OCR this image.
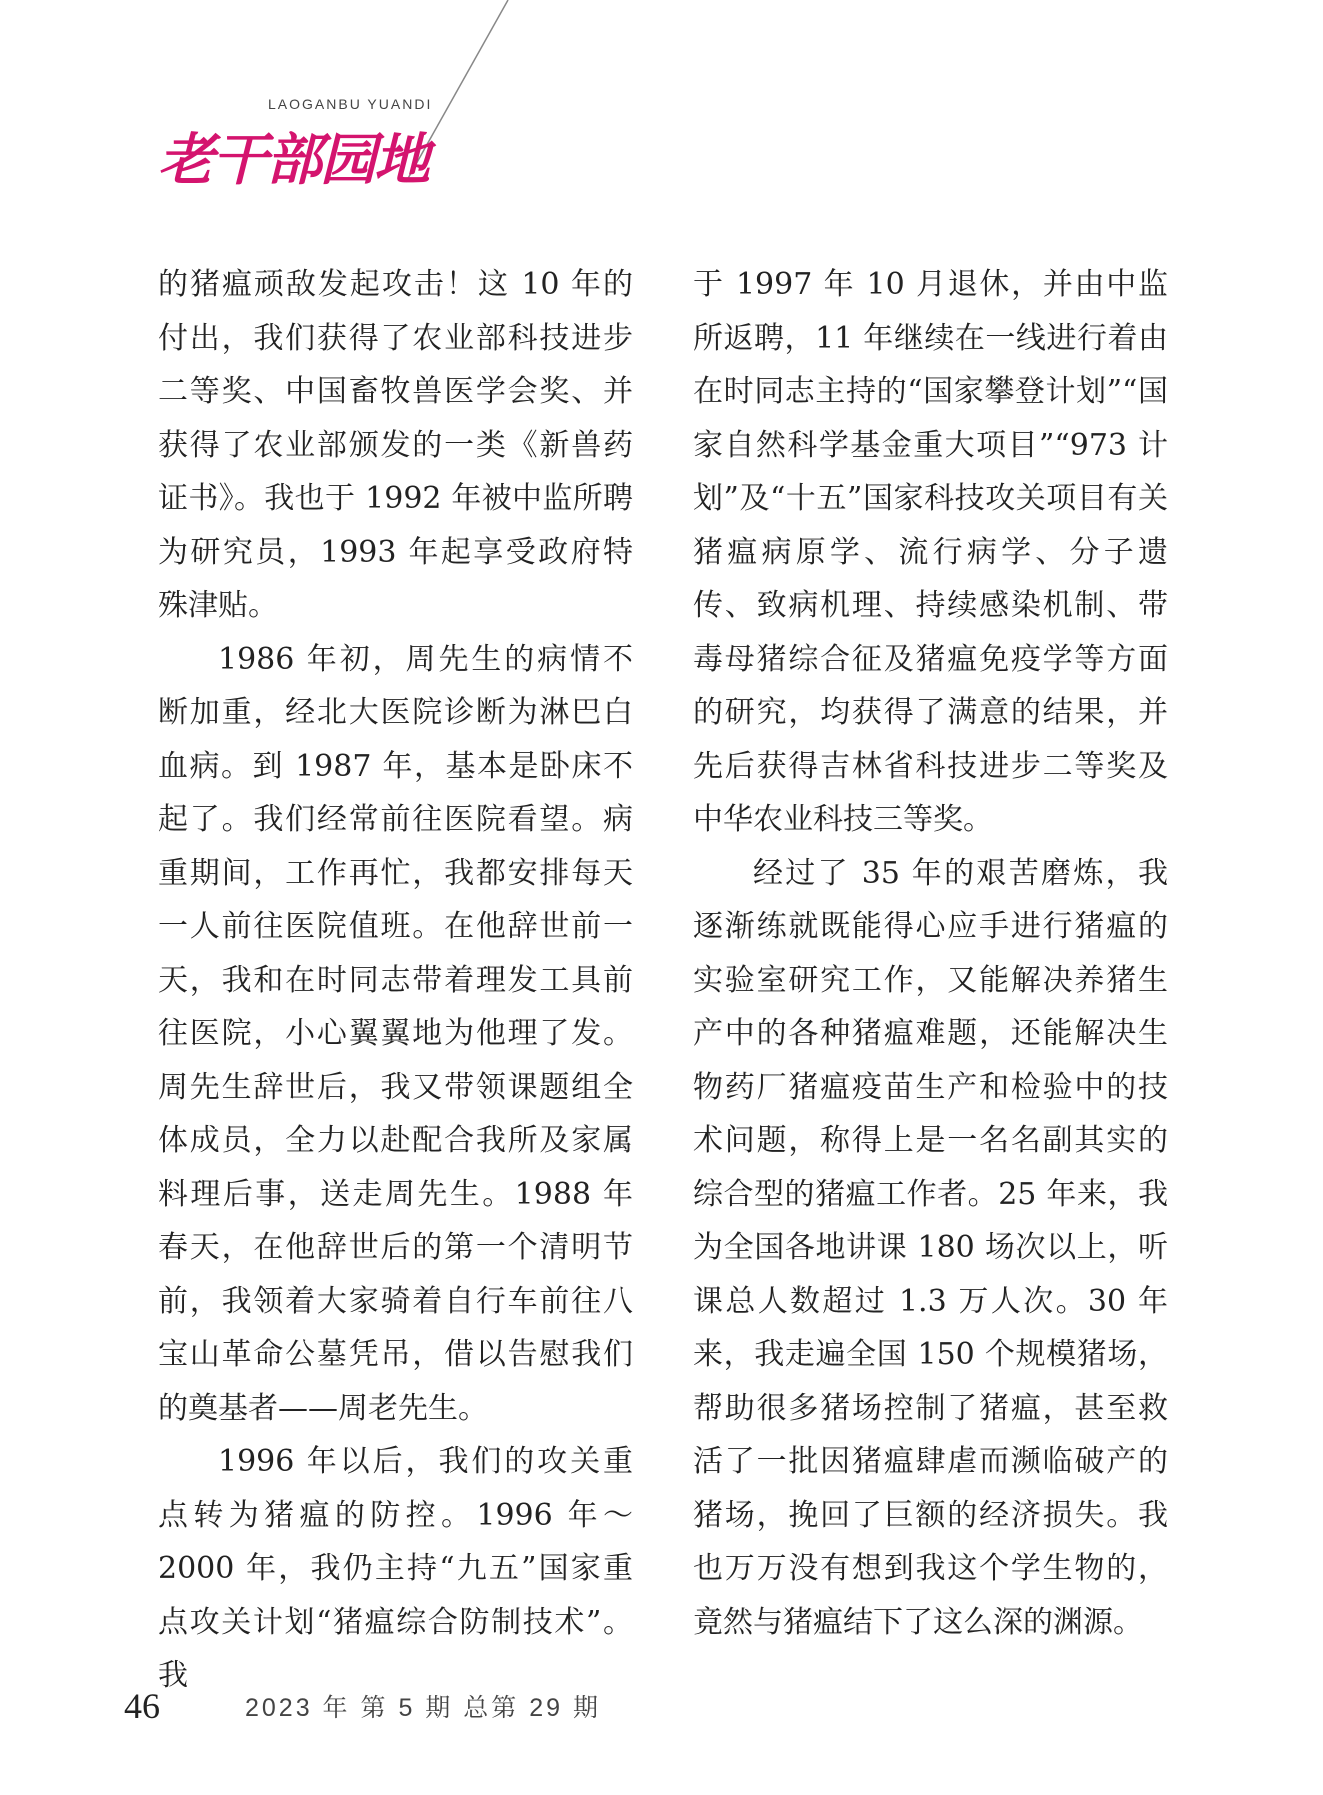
LAOGANBU YUANDI
老干部园地

的猪瘟顽敌发起攻击！这 10 年的付出，我们获得了农业部科技进步二等奖、中国畜牧兽医学会奖、并获得了农业部颁发的一类《新兽药证书》。我也于 1992 年被中监所聘为研究员，1993 年起享受政府特殊津贴。

1986 年初，周先生的病情不断加重，经北大医院诊断为淋巴白血病。到 1987 年，基本是卧床不起了。我们经常前往医院看望。病重期间，工作再忙，我都安排每天一人前往医院值班。在他辞世前一天，我和在时同志带着理发工具前往医院，小心翼翼地为他理了发。周先生辞世后，我又带领课题组全体成员，全力以赴配合我所及家属料理后事，送走周先生。1988 年春天，在他辞世后的第一个清明节前，我领着大家骑着自行车前往八宝山革命公墓凭吊，借以告慰我们的奠基者——周老先生。

1996 年以后，我们的攻关重点转为猪瘟的防控。1996 年～ 2000 年，我仍主持“九五”国家重点攻关计划“猪瘟综合防制技术”。我

于 1997 年 10 月退休，并由中监所返聘，11 年继续在一线进行着由在时同志主持的“国家攀登计划”“国家自然科学基金重大项目”“973 计划”及“十五”国家科技攻关项目有关猪瘟病原学、流行病学、分子遗传、致病机理、持续感染机制、带毒母猪综合征及猪瘟免疫学等方面的研究，均获得了满意的结果，并先后获得吉林省科技进步二等奖及中华农业科技三等奖。

经过了 35 年的艰苦磨炼，我逐渐练就既能得心应手进行猪瘟的实验室研究工作，又能解决养猪生产中的各种猪瘟难题，还能解决生物药厂猪瘟疫苗生产和检验中的技术问题，称得上是一名名副其实的综合型的猪瘟工作者。25 年来，我为全国各地讲课 180 场次以上，听课总人数超过 1.3 万人次。30 年来，我走遍全国 150 个规模猪场，帮助很多猪场控制了猪瘟，甚至救活了一批因猪瘟肆虐而濒临破产的猪场，挽回了巨额的经济损失。我也万万没有想到我这个学生物的，竟然与猪瘟结下了这么深的渊源。

46	2023 年 第 5 期 总第 29 期
